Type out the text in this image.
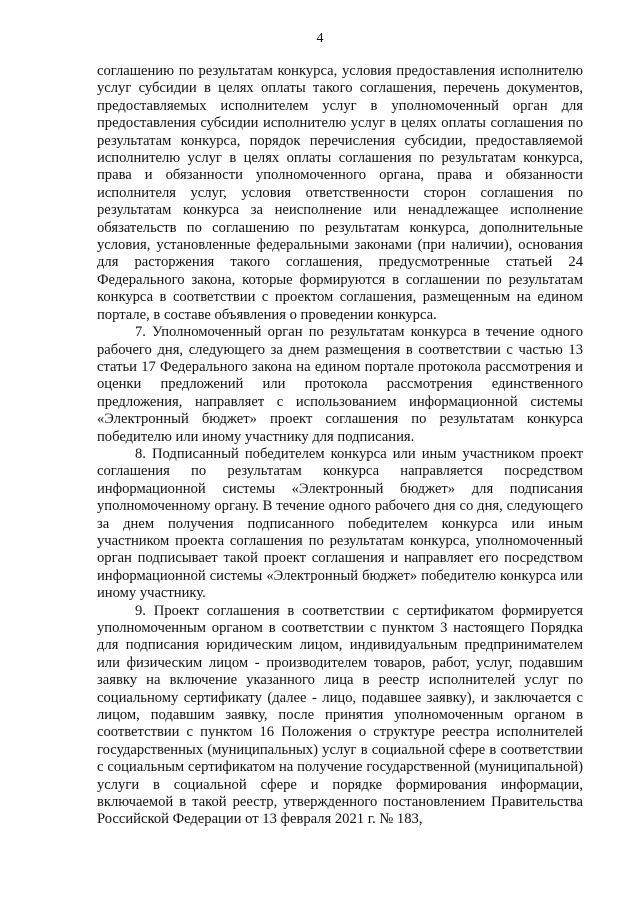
4

соглашению по результатам конкурса, условия предоставления исполнителю услуг субсидии в целях оплаты такого соглашения, перечень документов, предоставляемых исполнителем услуг в уполномоченный орган для предоставления субсидии исполнителю услуг в целях оплаты соглашения по результатам конкурса, порядок перечисления субсидии, предоставляемой исполнителю услуг в целях оплаты соглашения по результатам конкурса, права и обязанности уполномоченного органа, права и обязанности исполнителя услуг, условия ответственности сторон соглашения по результатам конкурса за неисполнение или ненадлежащее исполнение обязательств по соглашению по результатам конкурса, дополнительные условия, установленные федеральными законами (при наличии), основания для расторжения такого соглашения, предусмотренные статьей 24 Федерального закона, которые формируются в соглашении по результатам конкурса в соответствии с проектом соглашения, размещенным на едином портале, в составе объявления о проведении конкурса.

7. Уполномоченный орган по результатам конкурса в течение одного рабочего дня, следующего за днем размещения в соответствии с частью 13 статьи 17 Федерального закона на едином портале протокола рассмотрения и оценки предложений или протокола рассмотрения единственного предложения, направляет с использованием информационной системы «Электронный бюджет» проект соглашения по результатам конкурса победителю или иному участнику для подписания.

8. Подписанный победителем конкурса или иным участником проект соглашения по результатам конкурса направляется посредством информационной системы «Электронный бюджет» для подписания уполномоченному органу. В течение одного рабочего дня со дня, следующего за днем получения подписанного победителем конкурса или иным участником проекта соглашения по результатам конкурса, уполномоченный орган подписывает такой проект соглашения и направляет его посредством информационной системы «Электронный бюджет» победителю конкурса или иному участнику.

9. Проект соглашения в соответствии с сертификатом формируется уполномоченным органом в соответствии с пунктом 3 настоящего Порядка для подписания юридическим лицом, индивидуальным предпринимателем или физическим лицом - производителем товаров, работ, услуг, подавшим заявку на включение указанного лица в реестр исполнителей услуг по социальному сертификату (далее - лицо, подавшее заявку), и заключается с лицом, подавшим заявку, после принятия уполномоченным органом в соответствии с пунктом 16 Положения о структуре реестра исполнителей государственных (муниципальных) услуг в социальной сфере в соответствии с социальным сертификатом на получение государственной (муниципальной) услуги в социальной сфере и порядке формирования информации, включаемой в такой реестр, утвержденного постановлением Правительства Российской Федерации от 13 февраля 2021 г. № 183,
